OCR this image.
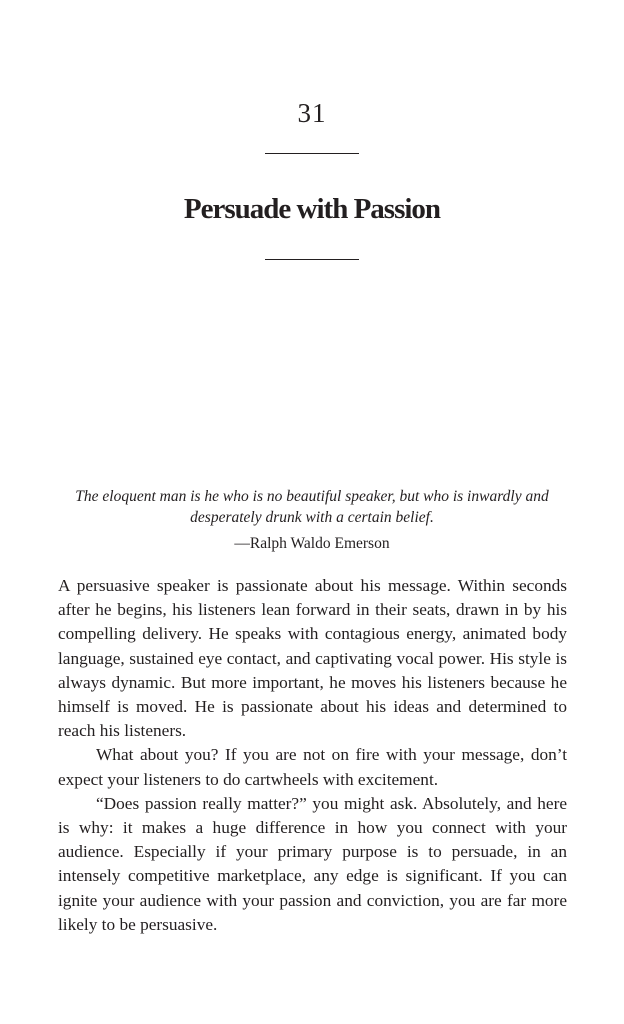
31
Persuade with Passion
The eloquent man is he who is no beautiful speaker, but who is inwardly and desperately drunk with a certain belief.
—Ralph Waldo Emerson

A persuasive speaker is passionate about his message. Within seconds after he begins, his listeners lean forward in their seats, drawn in by his compelling delivery. He speaks with contagious energy, animated body language, sustained eye contact, and captivating vocal power. His style is always dynamic. But more important, he moves his listeners because he himself is moved. He is passionate about his ideas and determined to reach his listeners.

What about you? If you are not on fire with your message, don’t expect your listeners to do cartwheels with excitement.

“Does passion really matter?” you might ask. Absolutely, and here is why: it makes a huge difference in how you connect with your audience. Especially if your primary purpose is to persuade, in an intensely competitive marketplace, any edge is significant. If you can ignite your audience with your passion and conviction, you are far more likely to be persuasive.
